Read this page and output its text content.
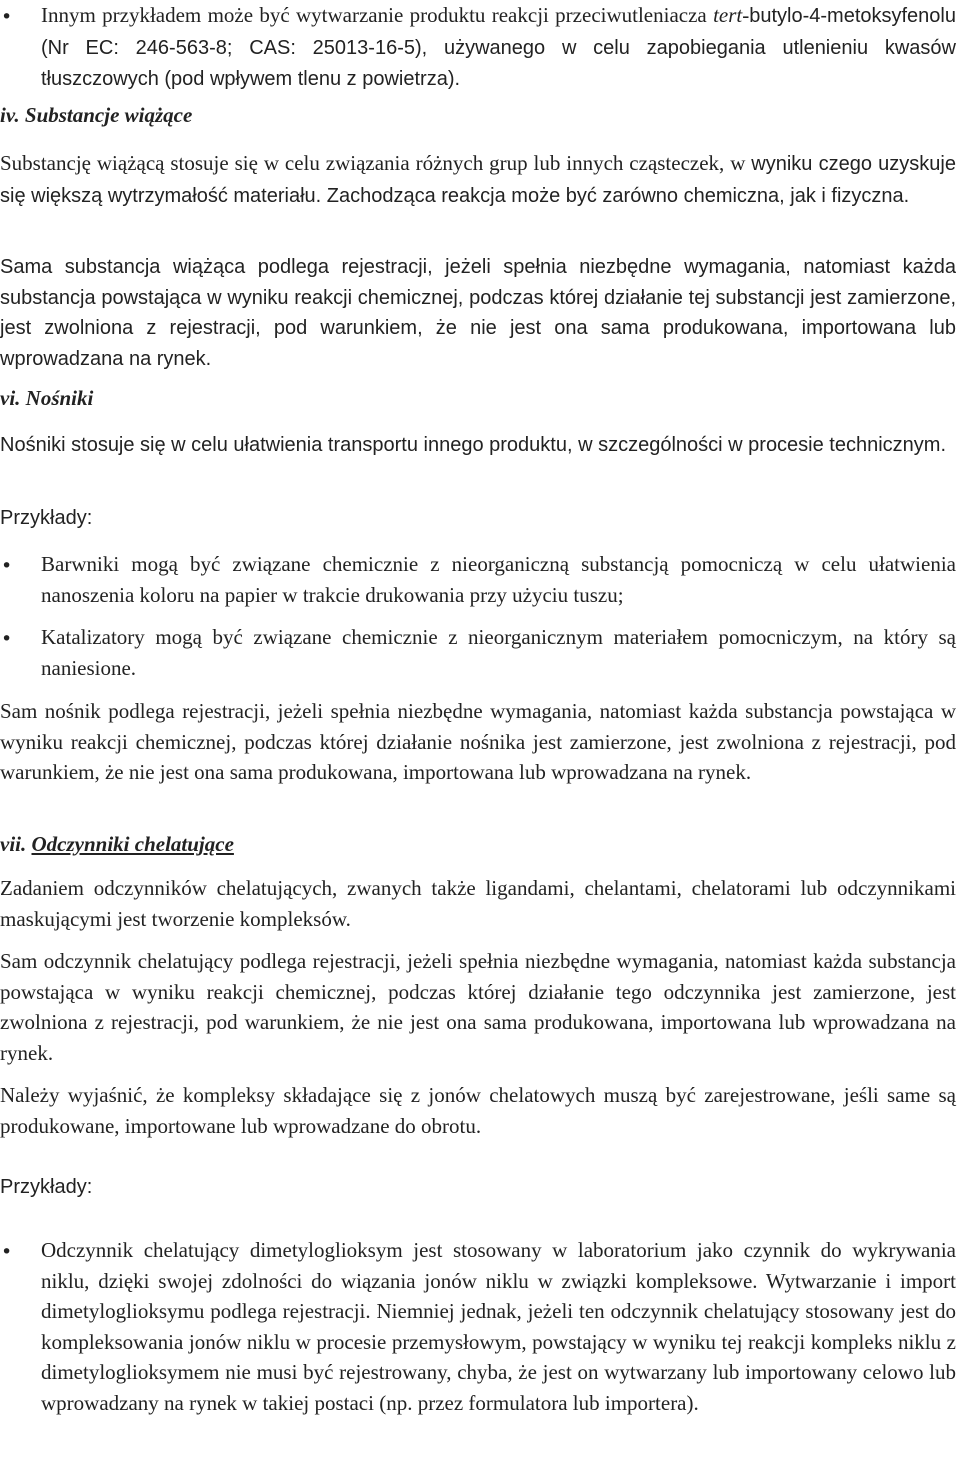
• Innym przykładem może być wytwarzanie produktu reakcji przeciwutleniacza tert-butylo-4-metoksyfenolu (Nr EC: 246-563-8; CAS: 25013-16-5), używanego w celu zapobiegania utlenieniu kwasów tłuszczowych (pod wpływem tlenu z powietrza).
iv. Substancje wiążące
Substancję wiążącą stosuje się w celu związania różnych grup lub innych cząsteczek, w wyniku czego uzyskuje się większą wytrzymałość materiału. Zachodząca reakcja może być zarówno chemiczna, jak i fizyczna.
Sama substancja wiążąca podlega rejestracji, jeżeli spełnia niezbędne wymagania, natomiast każda substancja powstająca w wyniku reakcji chemicznej, podczas której działanie tej substancji jest zamierzone, jest zwolniona z rejestracji, pod warunkiem, że nie jest ona sama produkowana, importowana lub wprowadzana na rynek.
vi. Nośniki
Nośniki stosuje się w celu ułatwienia transportu innego produktu, w szczególności w procesie technicznym.
Przykłady:
• Barwniki mogą być związane chemicznie z nieorganiczną substancją pomocniczą w celu ułatwienia nanoszenia koloru na papier w trakcie drukowania przy użyciu tuszu;
• Katalizatory mogą być związane chemicznie z nieorganicznym materiałem pomocniczym, na który są naniesione.
Sam nośnik podlega rejestracji, jeżeli spełnia niezbędne wymagania, natomiast każda substancja powstająca w wyniku reakcji chemicznej, podczas której działanie nośnika jest zamierzone, jest zwolniona z rejestracji, pod warunkiem, że nie jest ona sama produkowana, importowana lub wprowadzana na rynek.
vii. Odczynniki chelatujące
Zadaniem odczynników chelatujących, zwanych także ligandami, chelantami, chelatorami lub odczynnikami maskującymi jest tworzenie kompleksów.
Sam odczynnik chelatujący podlega rejestracji, jeżeli spełnia niezbędne wymagania, natomiast każda substancja powstająca w wyniku reakcji chemicznej, podczas której działanie tego odczynnika jest zamierzone, jest zwolniona z rejestracji, pod warunkiem, że nie jest ona sama produkowana, importowana lub wprowadzana na rynek.
Należy wyjaśnić, że kompleksy składające się z jonów chelatowych muszą być zarejestrowane, jeśli same są produkowane, importowane lub wprowadzane do obrotu.
Przykłady:
• Odczynnik chelatujący dimetyloglioksym jest stosowany w laboratorium jako czynnik do wykrywania niklu, dzięki swojej zdolności do wiązania jonów niklu w związki kompleksowe. Wytwarzanie i import dimetyloglioksymu podlega rejestracji. Niemniej jednak, jeżeli ten odczynnik chelatujący stosowany jest do kompleksowania jonów niklu w procesie przemysłowym, powstający w wyniku tej reakcji kompleks niklu z dimetyloglioksymem nie musi być rejestrowany, chyba, że jest on wytwarzany lub importowany celowo lub wprowadzany na rynek w takiej postaci (np. przez formulatora lub importera).
